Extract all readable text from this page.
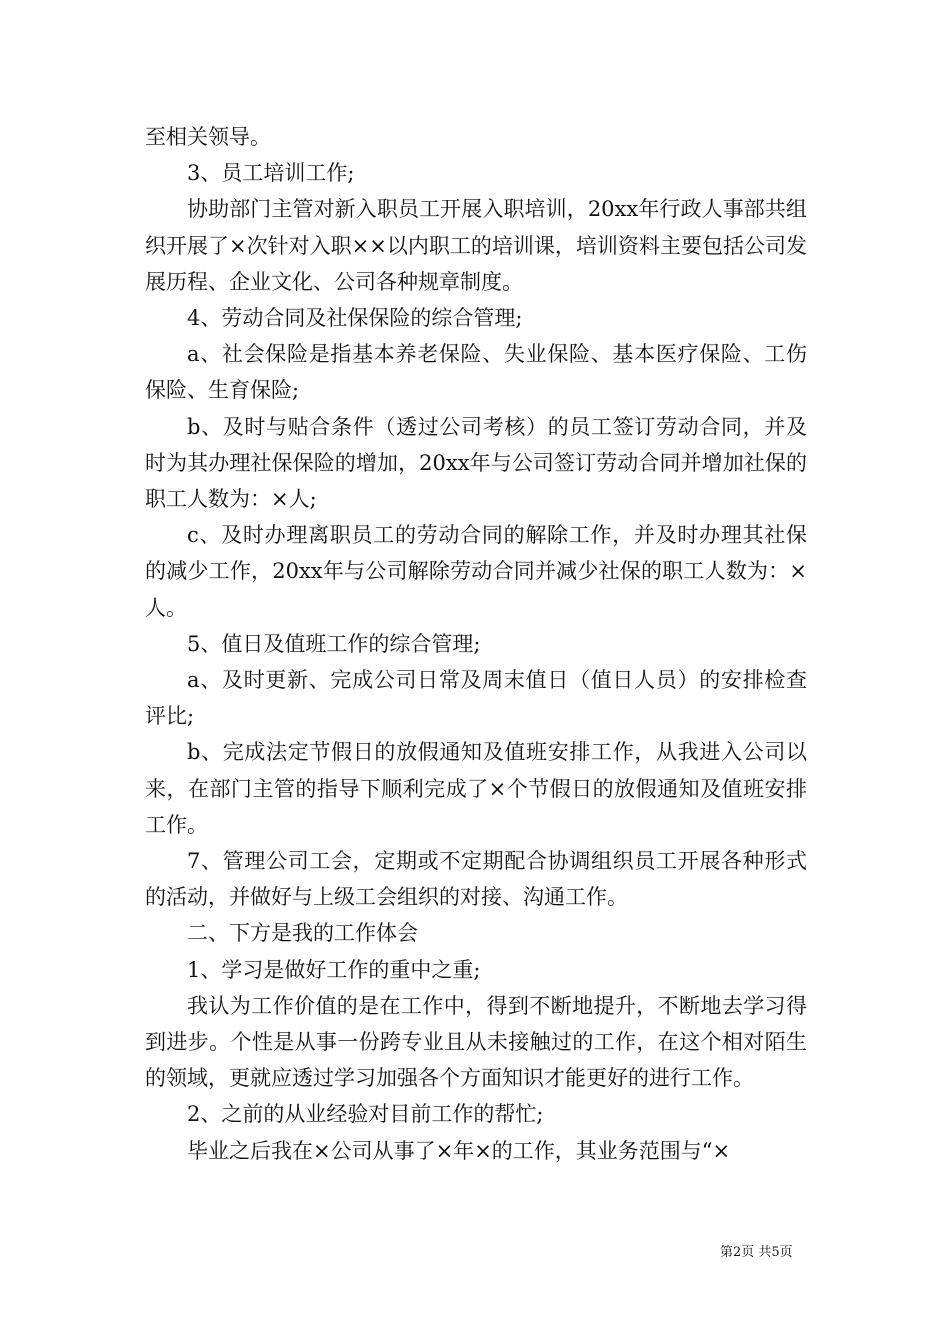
至相关领导。

3、员工培训工作;

协助部门主管对新入职员工开展入职培训，20xx年行政人事部共组织开展了×次针对入职××以内职工的培训课，培训资料主要包括公司发展历程、企业文化、公司各种规章制度。

4、劳动合同及社保保险的综合管理;

a、社会保险是指基本养老保险、失业保险、基本医疗保险、工伤保险、生育保险;

b、及时与贴合条件（透过公司考核）的员工签订劳动合同，并及时为其办理社保保险的增加，20xx年与公司签订劳动合同并增加社保的职工人数为：×人;

c、及时办理离职员工的劳动合同的解除工作，并及时办理其社保的减少工作，20xx年与公司解除劳动合同并减少社保的职工人数为：×人。

5、值日及值班工作的综合管理;

a、及时更新、完成公司日常及周末值日（值日人员）的安排检查评比;

b、完成法定节假日的放假通知及值班安排工作，从我进入公司以来，在部门主管的指导下顺利完成了×个节假日的放假通知及值班安排工作。

7、管理公司工会，定期或不定期配合协调组织员工开展各种形式的活动，并做好与上级工会组织的对接、沟通工作。

二、下方是我的工作体会

1、学习是做好工作的重中之重;

我认为工作价值的是在工作中，得到不断地提升，不断地去学习得到进步。个性是从事一份跨专业且从未接触过的工作，在这个相对陌生的领域，更就应透过学习加强各个方面知识才能更好的进行工作。

2、之前的从业经验对目前工作的帮忙;

毕业之后我在×公司从事了×年×的工作，其业务范围与“×

第2页 共5页
